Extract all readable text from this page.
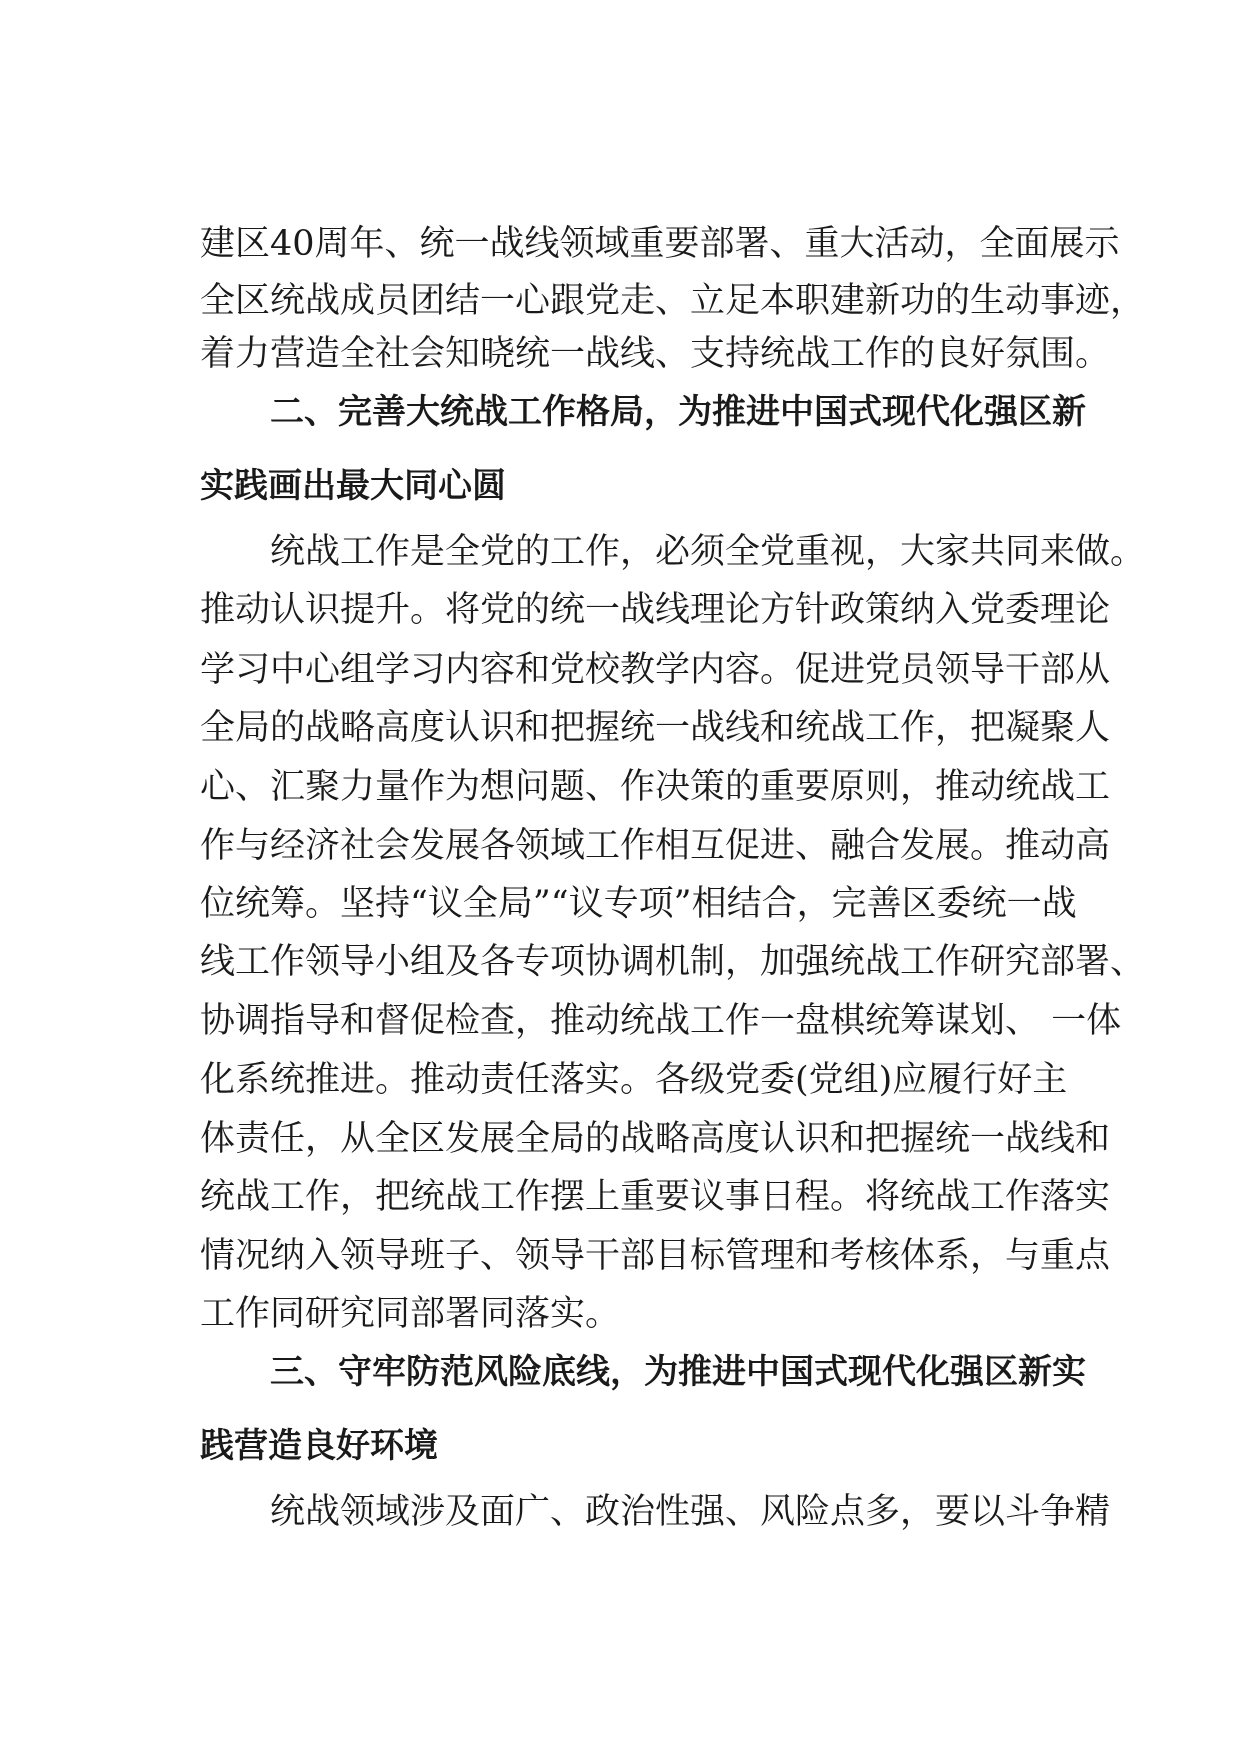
建区40周年、统一战线领域重要部署、重大活动，全面展示
全区统战成员团结一心跟党走、立足本职建新功的生动事迹，
着力营造全社会知晓统一战线、支持统战工作的良好氛围。
二、完善大统战工作格局，为推进中国式现代化强区新
实践画出最大同心圆
统战工作是全党的工作，必须全党重视，大家共同来做。
推动认识提升。将党的统一战线理论方针政策纳入党委理论
学习中心组学习内容和党校教学内容。促进党员领导干部从
全局的战略高度认识和把握统一战线和统战工作，把凝聚人
心、汇聚力量作为想问题、作决策的重要原则，推动统战工
作与经济社会发展各领域工作相互促进、融合发展。推动高
位统筹。坚持“议全局”“议专项”相结合，完善区委统一战
线工作领导小组及各专项协调机制，加强统战工作研究部署、
协调指导和督促检查，推动统战工作一盘棋统筹谋划、 一体
化系统推进。推动责任落实。各级党委(党组)应履行好主
体责任，从全区发展全局的战略高度认识和把握统一战线和
统战工作，把统战工作摆上重要议事日程。将统战工作落实
情况纳入领导班子、领导干部目标管理和考核体系，与重点
工作同研究同部署同落实。
三、守牢防范风险底线，为推进中国式现代化强区新实
践营造良好环境
统战领域涉及面广、政治性强、风险点多，要以斗争精
